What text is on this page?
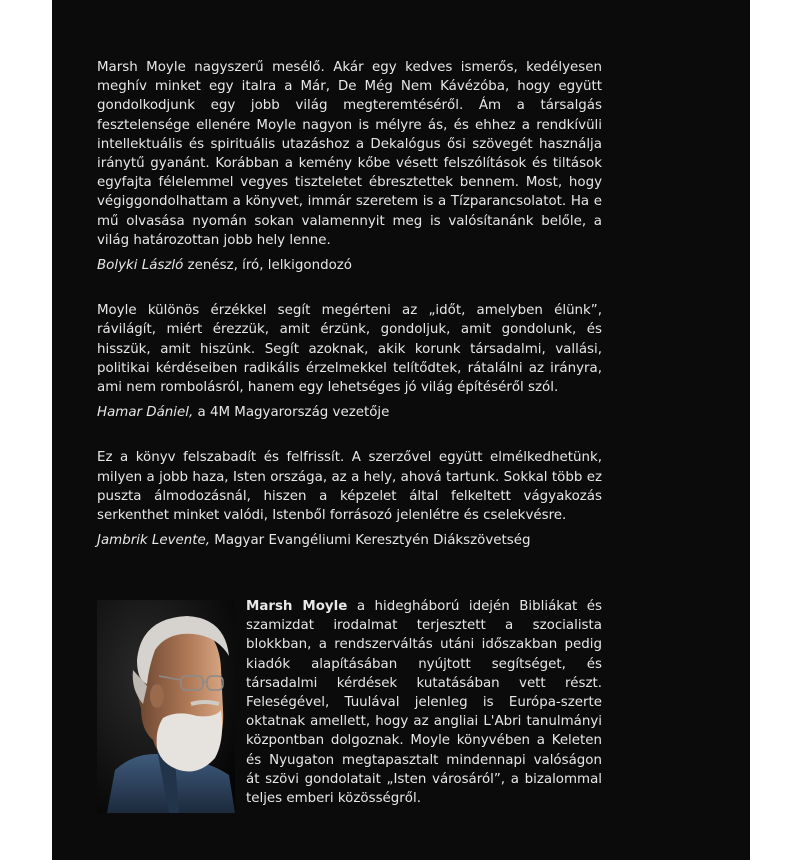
Marsh Moyle nagyszerű mesélő. Akár egy kedves ismerős, kedélyesen meghív minket egy italra a Már, De Még Nem Kávézóba, hogy együtt gondolkodjunk egy jobb világ megteremtéséről. Ám a társalgás fesztelensége ellenére Moyle nagyon is mélyre ás, és ehhez a rendkívüli intellektuális és spirituális utazáshoz a Dekalógus ősi szövegét használja iránytű gyanánt. Korábban a kemény kőbe vésett felszólítások és tiltások egyfajta félelemmel vegyes tiszteletet ébresztettek bennem. Most, hogy végiggondolhattam a könyvet, immár szeretem is a Tízparancsolatot. Ha e mű olvasása nyomán sokan valamennyit meg is valósítanánk belőle, a világ határozottan jobb hely lenne.

Bolyki László zenész, író, lelkigondozó

Moyle különös érzékkel segít megérteni az „időt, amelyben élünk”, rávilágít, miért érezzük, amit érzünk, gondoljuk, amit gondolunk, és hisszük, amit hiszünk. Segít azoknak, akik korunk társadalmi, vallási, politikai kérdéseiben radikális érzelmekkel telítődtek, rátalálni az irányra, ami nem rombolásról, hanem egy lehetséges jó világ építéséről szól.

Hamar Dániel, a 4M Magyarország vezetője

Ez a könyv felszabadít és felfrissít. A szerzővel együtt elmélkedhetünk, milyen a jobb haza, Isten országa, az a hely, ahová tartunk. Sokkal több ez puszta álmodozásnál, hiszen a képzelet által felkeltett vágyakozás serkenthet minket valódi, Istenből forrásozó jelenlétre és cselekvésre.

Jambrik Levente, Magyar Evangéliumi Keresztyén Diákszövetség

Marsh Moyle a hidegháború idején Bibliákat és szamizdat irodalmat terjesztett a szocialista blokkban, a rendszerváltás utáni időszakban pedig kiadók alapításában nyújtott segítséget, és társadalmi kérdések kutatásában vett részt. Feleségével, Tuulával jelenleg is Európa-szerte oktatnak amellett, hogy az angliai L'Abri tanulmányi központban dolgoznak. Moyle könyvében a Keleten és Nyugaton megtapasztalt mindennapi valóságon át szövi gondolatait „Isten városáról”, a bizalommal teljes emberi közösségről.
